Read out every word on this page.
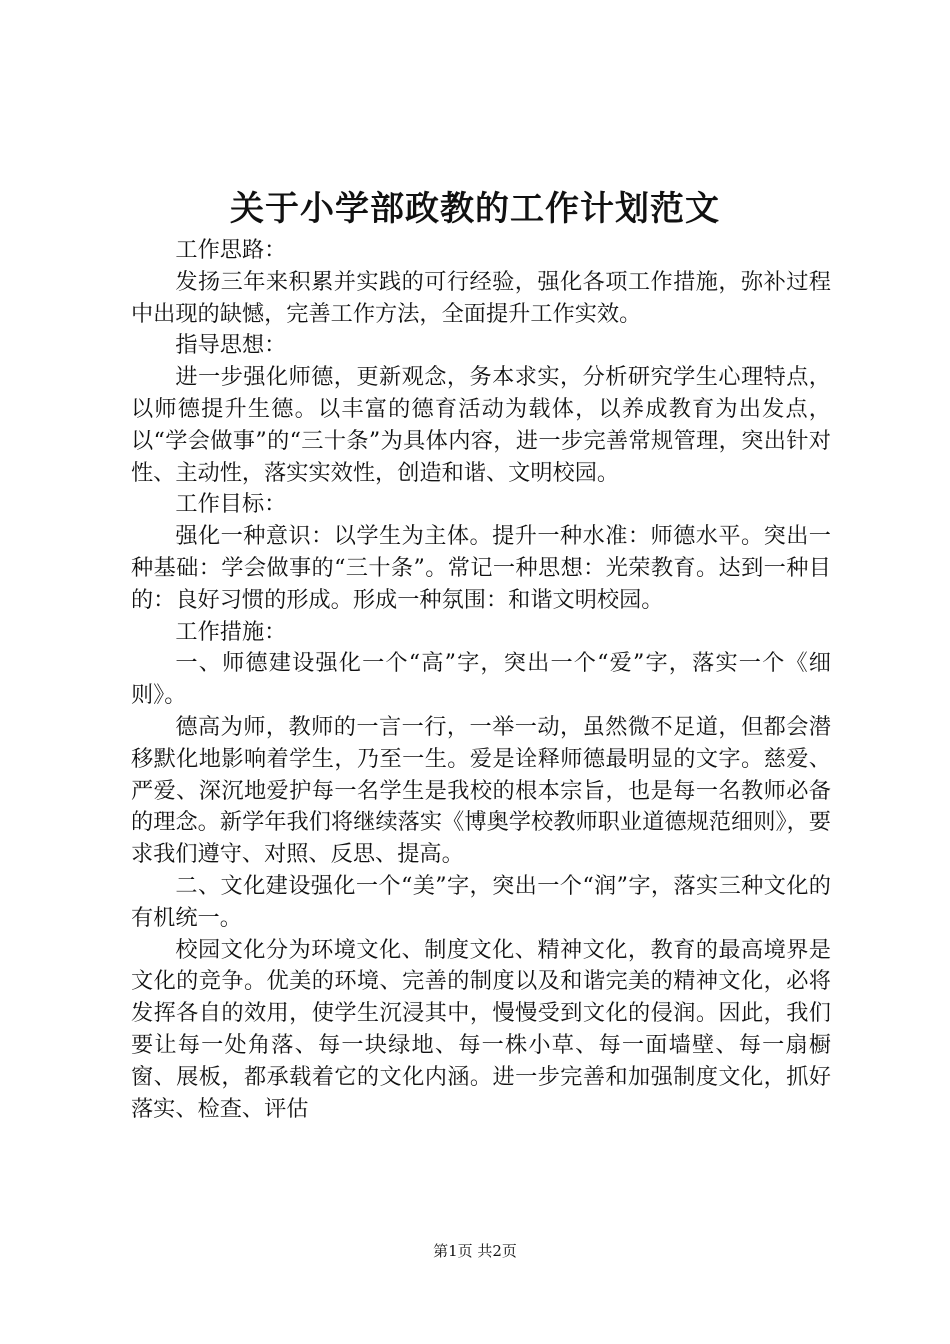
关于小学部政教的工作计划范文

工作思路：

发扬三年来积累并实践的可行经验，强化各项工作措施，弥补过程中出现的缺憾，完善工作方法，全面提升工作实效。

指导思想：

进一步强化师德，更新观念，务本求实，分析研究学生心理特点，以师德提升生德。以丰富的德育活动为载体，以养成教育为出发点，以“学会做事”的“三十条”为具体内容，进一步完善常规管理，突出针对性、主动性，落实实效性，创造和谐、文明校园。

工作目标：

强化一种意识：以学生为主体。提升一种水准：师德水平。突出一种基础：学会做事的“三十条”。常记一种思想：光荣教育。达到一种目的：良好习惯的形成。形成一种氛围：和谐文明校园。

工作措施：

一、师德建设强化一个“高”字，突出一个“爱”字，落实一个《细则》。

德高为师，教师的一言一行，一举一动，虽然微不足道，但都会潜移默化地影响着学生，乃至一生。爱是诠释师德最明显的文字。慈爱、严爱、深沉地爱护每一名学生是我校的根本宗旨，也是每一名教师必备的理念。新学年我们将继续落实《博奥学校教师职业道德规范细则》，要求我们遵守、对照、反思、提高。

二、文化建设强化一个“美”字，突出一个“润”字，落实三种文化的有机统一。

校园文化分为环境文化、制度文化、精神文化，教育的最高境界是文化的竞争。优美的环境、完善的制度以及和谐完美的精神文化，必将发挥各自的效用，使学生沉浸其中，慢慢受到文化的侵润。因此，我们要让每一处角落、每一块绿地、每一株小草、每一面墙壁、每一扇橱窗、展板，都承载着它的文化内涵。进一步完善和加强制度文化，抓好落实、检查、评估

第1页 共2页
